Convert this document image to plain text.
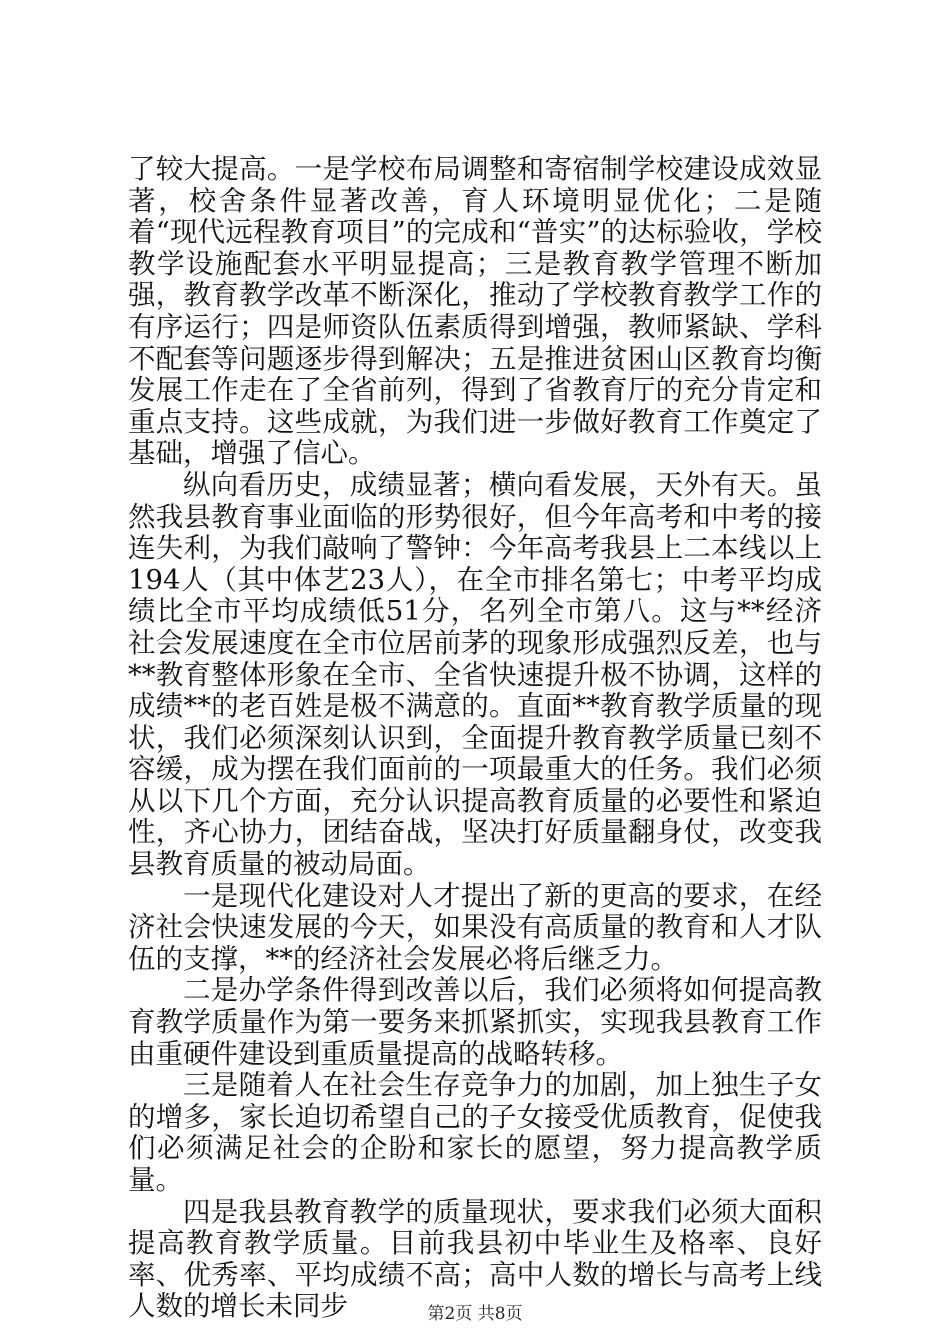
了较大提高。一是学校布局调整和寄宿制学校建设成效显著，校舍条件显著改善，育人环境明显优化；二是随着“现代远程教育项目”的完成和“普实”的达标验收，学校教学设施配套水平明显提高；三是教育教学管理不断加强，教育教学改革不断深化，推动了学校教育教学工作的有序运行；四是师资队伍素质得到增强，教师紧缺、学科不配套等问题逐步得到解决；五是推进贫困山区教育均衡发展工作走在了全省前列，得到了省教育厅的充分肯定和重点支持。这些成就，为我们进一步做好教育工作奠定了基础，增强了信心。

纵向看历史，成绩显著；横向看发展，天外有天。虽然我县教育事业面临的形势很好，但今年高考和中考的接连失利，为我们敲响了警钟：今年高考我县上二本线以上194人（其中体艺23人），在全市排名第七；中考平均成绩比全市平均成绩低51分，名列全市第八。这与**经济社会发展速度在全市位居前茅的现象形成强烈反差，也与**教育整体形象在全市、全省快速提升极不协调，这样的成绩**的老百姓是极不满意的。直面**教育教学质量的现状，我们必须深刻认识到，全面提升教育教学质量已刻不容缓，成为摆在我们面前的一项最重大的任务。我们必须从以下几个方面，充分认识提高教育质量的必要性和紧迫性，齐心协力，团结奋战，坚决打好质量翻身仗，改变我县教育质量的被动局面。

一是现代化建设对人才提出了新的更高的要求，在经济社会快速发展的今天，如果没有高质量的教育和人才队伍的支撑，**的经济社会发展必将后继乏力。

二是办学条件得到改善以后，我们必须将如何提高教育教学质量作为第一要务来抓紧抓实，实现我县教育工作由重硬件建设到重质量提高的战略转移。

三是随着人在社会生存竞争力的加剧，加上独生子女的增多，家长迫切希望自己的子女接受优质教育，促使我们必须满足社会的企盼和家长的愿望，努力提高教学质量。

四是我县教育教学的质量现状，要求我们必须大面积提高教育教学质量。目前我县初中毕业生及格率、良好率、优秀率、平均成绩不高；高中人数的增长与高考上线人数的增长未同步	第2页 共8页
